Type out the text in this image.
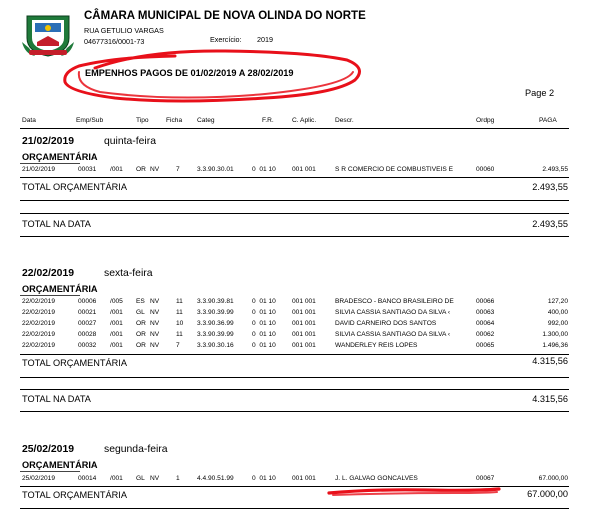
CÂMARA MUNICIPAL DE NOVA OLINDA DO NORTE
RUA GETULIO VARGAS
04677316/0001-73	Exercício: 2019
EMPENHOS PAGOS DE 01/02/2019 A 28/02/2019
Page 2
Data	Emp/Sub	Tipo	Ficha Categ	F.R.	C. Aplic.	Descr.	Ordpg	PAGA
21/02/2019	quinta-feira
ORÇAMENTÁRIA
21/02/2019	00031 /001 OR NV	7	3.3.90.30.01	0  01 10 001 001	S R COMERCIO DE COMBUSTIVEIS E	00060	2.493,55
TOTAL ORÇAMENTÁRIA	2.493,55
TOTAL NA DATA	2.493,55
22/02/2019	sexta-feira
ORÇAMENTÁRIA
22/02/2019	00006 /005 ES NV	11 3.3.90.39.81	0  01 10 001 001	BRADESCO - BANCO BRASILEIRO DE	00066	127,20
22/02/2019	00021 /001 GL NV	11 3.3.90.39.99	0  01 10 001 001	SILVIA CASSIA SANTIAGO DA SILVA ‹	00063	400,00
22/02/2019	00027 /001 OR NV	10 3.3.90.36.99	0  01 10 001 001	DAVID CARNEIRO DOS SANTOS	00064	992,00
22/02/2019	00028 /001 OR NV	11 3.3.90.39.99	0  01 10 001 001	SILVIA CASSIA SANTIAGO DA SILVA ‹	00062	1.300,00
22/02/2019	00032 /001 OR NV	7	3.3.90.30.16	0  01 10 001 001	WANDERLEY REIS LOPES	00065	1.496,36
TOTAL ORÇAMENTÁRIA	4.315,56
TOTAL NA DATA	4.315,56
25/02/2019	segunda-feira
ORÇAMENTÁRIA
25/02/2019	00014 /001 GL NV	1	4.4.90.51.99	0  01 10 001 001	J. L. GALVAO GONCALVES	00067	67.000,00
TOTAL ORÇAMENTÁRIA	67.000,00
